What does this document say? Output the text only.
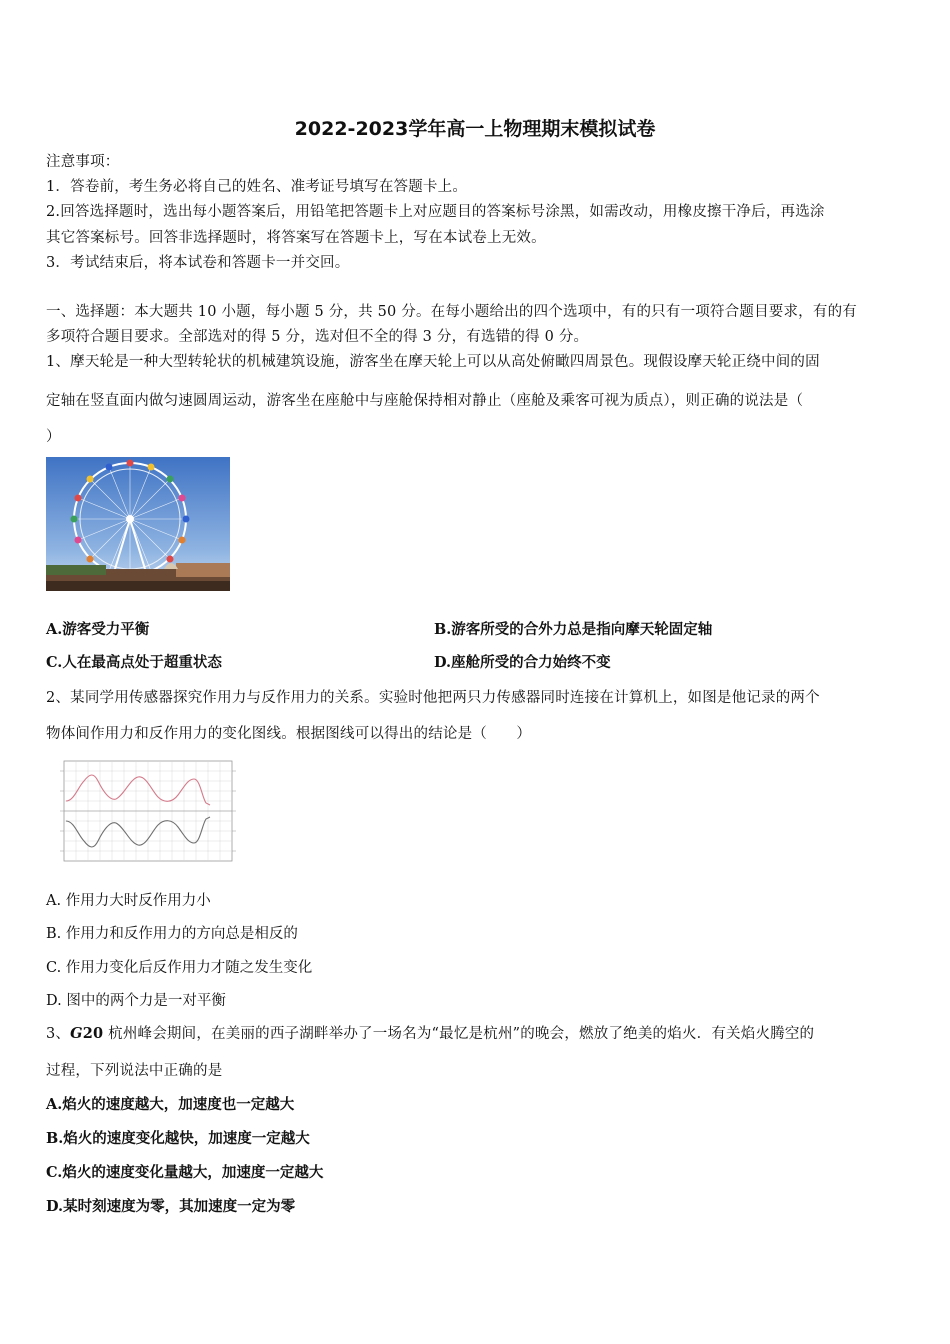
2022-2023学年高一上物理期末模拟试卷
注意事项：
1．答卷前，考生务必将自己的姓名、准考证号填写在答题卡上。
2.回答选择题时，选出每小题答案后，用铅笔把答题卡上对应题目的答案标号涂黑，如需改动，用橡皮擦干净后，再选涂
其它答案标号。回答非选择题时，将答案写在答题卡上，写在本试卷上无效。
3．考试结束后，将本试卷和答题卡一并交回。
一、选择题：本大题共 10 小题，每小题 5 分，共 50 分。在每小题给出的四个选项中，有的只有一项符合题目要求，有的有
多项符合题目要求。全部选对的得 5 分，选对但不全的得 3 分，有选错的得 0 分。
1、摩天轮是一种大型转轮状的机械建筑设施，游客坐在摩天轮上可以从高处俯瞰四周景色。现假设摩天轮正绕中间的固
定轴在竖直面内做匀速圆周运动，游客坐在座舱中与座舱保持相对静止（座舱及乘客可视为质点），则正确的说法是（
）
A.游客受力平衡	B.游客所受的合外力总是指向摩天轮固定轴
C.人在最高点处于超重状态	D.座舱所受的合力始终不变
2、某同学用传感器探究作用力与反作用力的关系。实验时他把两只力传感器同时连接在计算机上，如图是他记录的两个
物体间作用力和反作用力的变化图线。根据图线可以得出的结论是（　　）
A. 作用力大时反作用力小
B. 作用力和反作用力的方向总是相反的
C. 作用力变化后反作用力才随之发生变化
D. 图中的两个力是一对平衡
3、G20 杭州峰会期间，在美丽的西子湖畔举办了一场名为“最忆是杭州”的晚会，燃放了绝美的焰火．有关焰火腾空的
过程，下列说法中正确的是
A.焰火的速度越大，加速度也一定越大
B.焰火的速度变化越快，加速度一定越大
C.焰火的速度变化量越大，加速度一定越大
D.某时刻速度为零，其加速度一定为零
